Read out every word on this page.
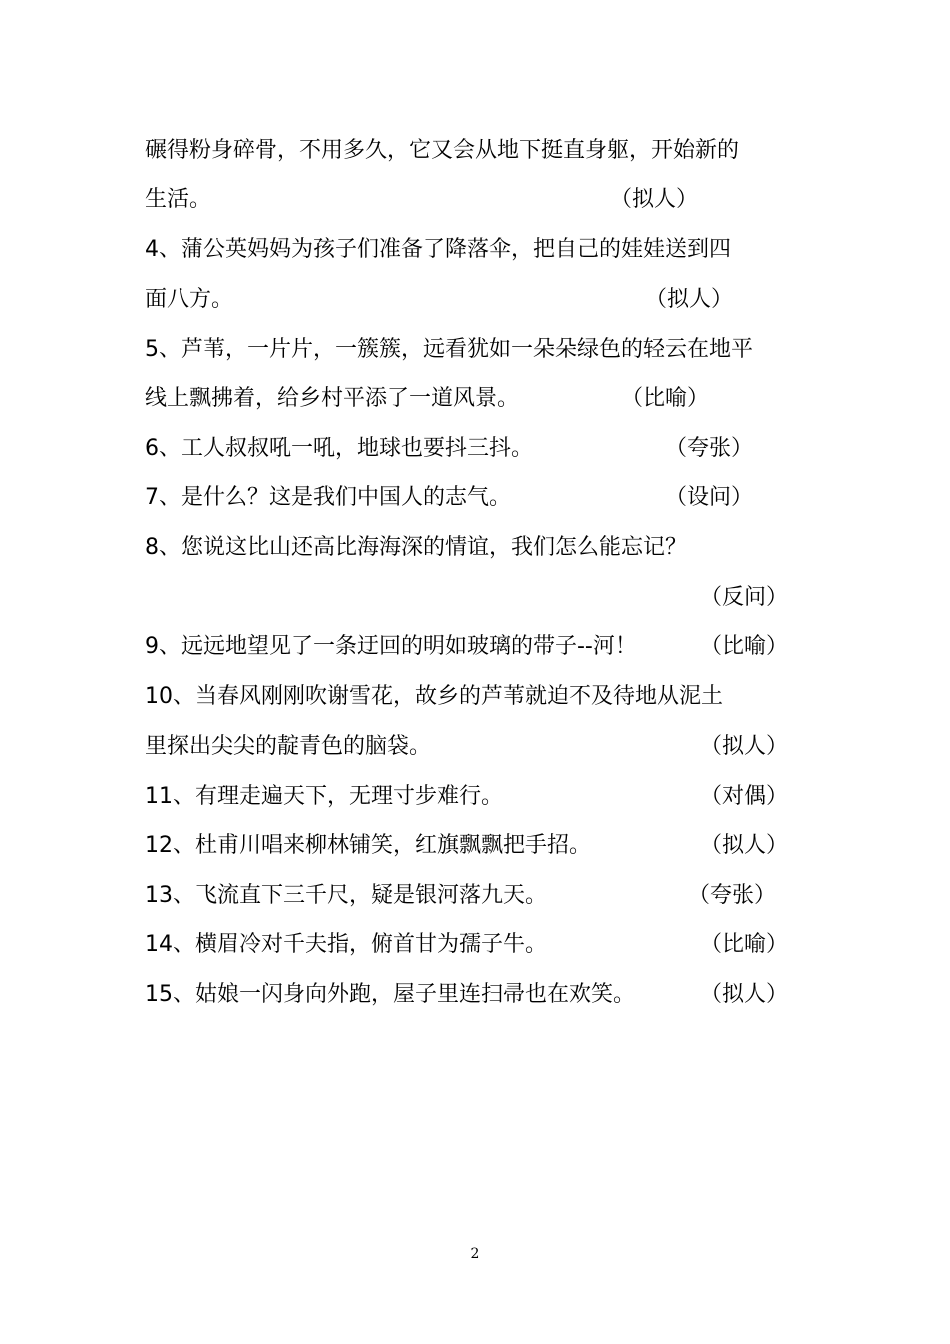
碾得粉身碎骨，不用多久，它又会从地下挺直身躯，开始新的
生活。	（拟人）
4、蒲公英妈妈为孩子们准备了降落伞，把自己的娃娃送到四
面八方。	（拟人）
5、芦苇，一片片，一簇簇，远看犹如一朵朵绿色的轻云在地平
线上飘拂着，给乡村平添了一道风景。	（比喻）
6、工人叔叔吼一吼，地球也要抖三抖。	（夸张）
7、是什么？这是我们中国人的志气。	（设问）
8、您说这比山还高比海海深的情谊，我们怎么能忘记？
（反问）
9、远远地望见了一条迂回的明如玻璃的带子--河！	（比喻）
10、当春风刚刚吹谢雪花，故乡的芦苇就迫不及待地从泥土
里探出尖尖的靛青色的脑袋。	（拟人）
11、有理走遍天下，无理寸步难行。	（对偶）
12、杜甫川唱来柳林铺笑，红旗飘飘把手招。	（拟人）
13、飞流直下三千尺，疑是银河落九天。	（夸张）
14、横眉冷对千夫指，俯首甘为孺子牛。	（比喻）
15、姑娘一闪身向外跑，屋子里连扫帚也在欢笑。	（拟人）
2
